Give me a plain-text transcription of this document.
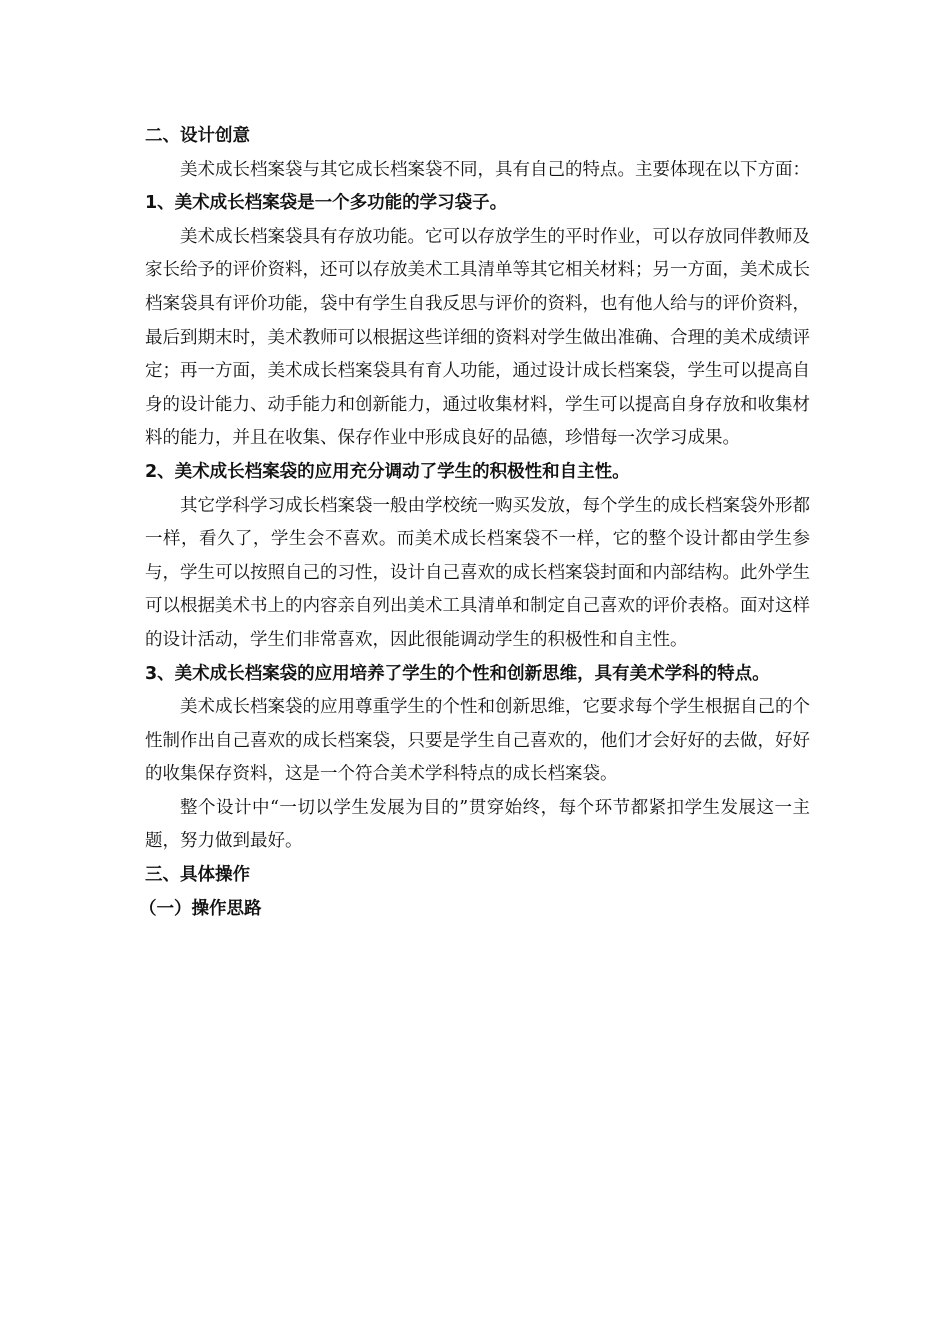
二、设计创意

美术成长档案袋与其它成长档案袋不同，具有自己的特点。主要体现在以下方面：

1、美术成长档案袋是一个多功能的学习袋子。

美术成长档案袋具有存放功能。它可以存放学生的平时作业，可以存放同伴教师及家长给予的评价资料，还可以存放美术工具清单等其它相关材料；另一方面，美术成长档案袋具有评价功能，袋中有学生自我反思与评价的资料，也有他人给与的评价资料，最后到期末时，美术教师可以根据这些详细的资料对学生做出准确、合理的美术成绩评定；再一方面，美术成长档案袋具有育人功能，通过设计成长档案袋，学生可以提高自身的设计能力、动手能力和创新能力，通过收集材料，学生可以提高自身存放和收集材料的能力，并且在收集、保存作业中形成良好的品德，珍惜每一次学习成果。

2、美术成长档案袋的应用充分调动了学生的积极性和自主性。

其它学科学习成长档案袋一般由学校统一购买发放，每个学生的成长档案袋外形都一样，看久了，学生会不喜欢。而美术成长档案袋不一样，它的整个设计都由学生参与，学生可以按照自己的习性，设计自己喜欢的成长档案袋封面和内部结构。此外学生可以根据美术书上的内容亲自列出美术工具清单和制定自己喜欢的评价表格。面对这样的设计活动，学生们非常喜欢，因此很能调动学生的积极性和自主性。

3、美术成长档案袋的应用培养了学生的个性和创新思维，具有美术学科的特点。

美术成长档案袋的应用尊重学生的个性和创新思维，它要求每个学生根据自己的个性制作出自己喜欢的成长档案袋，只要是学生自己喜欢的，他们才会好好的去做，好好的收集保存资料，这是一个符合美术学科特点的成长档案袋。

整个设计中“一切以学生发展为目的”贯穿始终，每个环节都紧扣学生发展这一主题，努力做到最好。

三、具体操作

（一）操作思路
